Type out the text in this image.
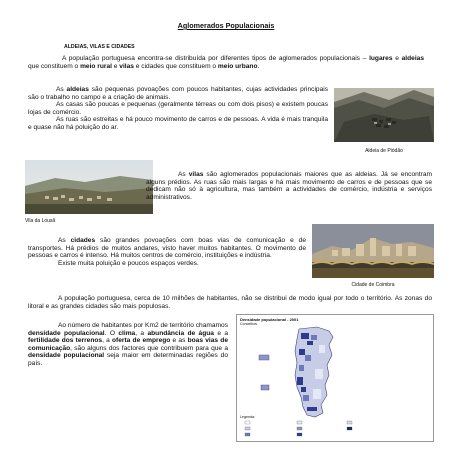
Aglomerados Populacionais
ALDEIAS, VILAS E CIDADES
A população portuguesa encontra-se distribuída por diferentes tipos de aglomerados populacionais – lugares e aldeias que constituem o meio rural e vilas e cidades que constituem o meio urbano.
As aldeias são pequenas povoações com poucos habitantes, cujas actividades principais são o trabalho no campo e a criação de animais.
As casas são poucas e pequenas (geralmente térreas ou com dois pisos) e existem poucas lojas de comércio.
As ruas são estreitas e há pouco movimento de carros e de pessoas. A vida é mais tranquila e quase não há poluição do ar.
Aldeia de Piódão
Vila da Lousã
As vilas são aglomerados populacionais maiores que as aldeias. Já se encontram alguns prédios. As ruas são mais largas e há mais movimento de carros e de pessoas que se dedicam não só à agricultura, mas também a actividades de comércio, indústria e serviços administrativos.
Cidade de Coimbra
As cidades são grandes povoações com boas vias de comunicação e de transportes. Há prédios de muitos andares, visto haver muitos habitantes. O movimento de pessoas e carros é intenso. Há muitos centros de comércio, instituições e indústria.
Existe muita poluição e poucos espaços verdes.
A população portuguesa, cerca de 10 milhões de habitantes, não se distribui de modo igual por todo o território. As zonas do litoral e as grandes cidades são mais populosas.
Ao número de habitantes por Km2 de território chamamos densidade populacional. O clima, a abundância de água e a fertilidade dos terrenos, a oferta de emprego e as boas vias de comunicação, são alguns dos factores que contribuem para que a densidade populacional seja maior em determinadas regiões do país.
Densidade populacional - 2001
Concelhos
Legenda:
